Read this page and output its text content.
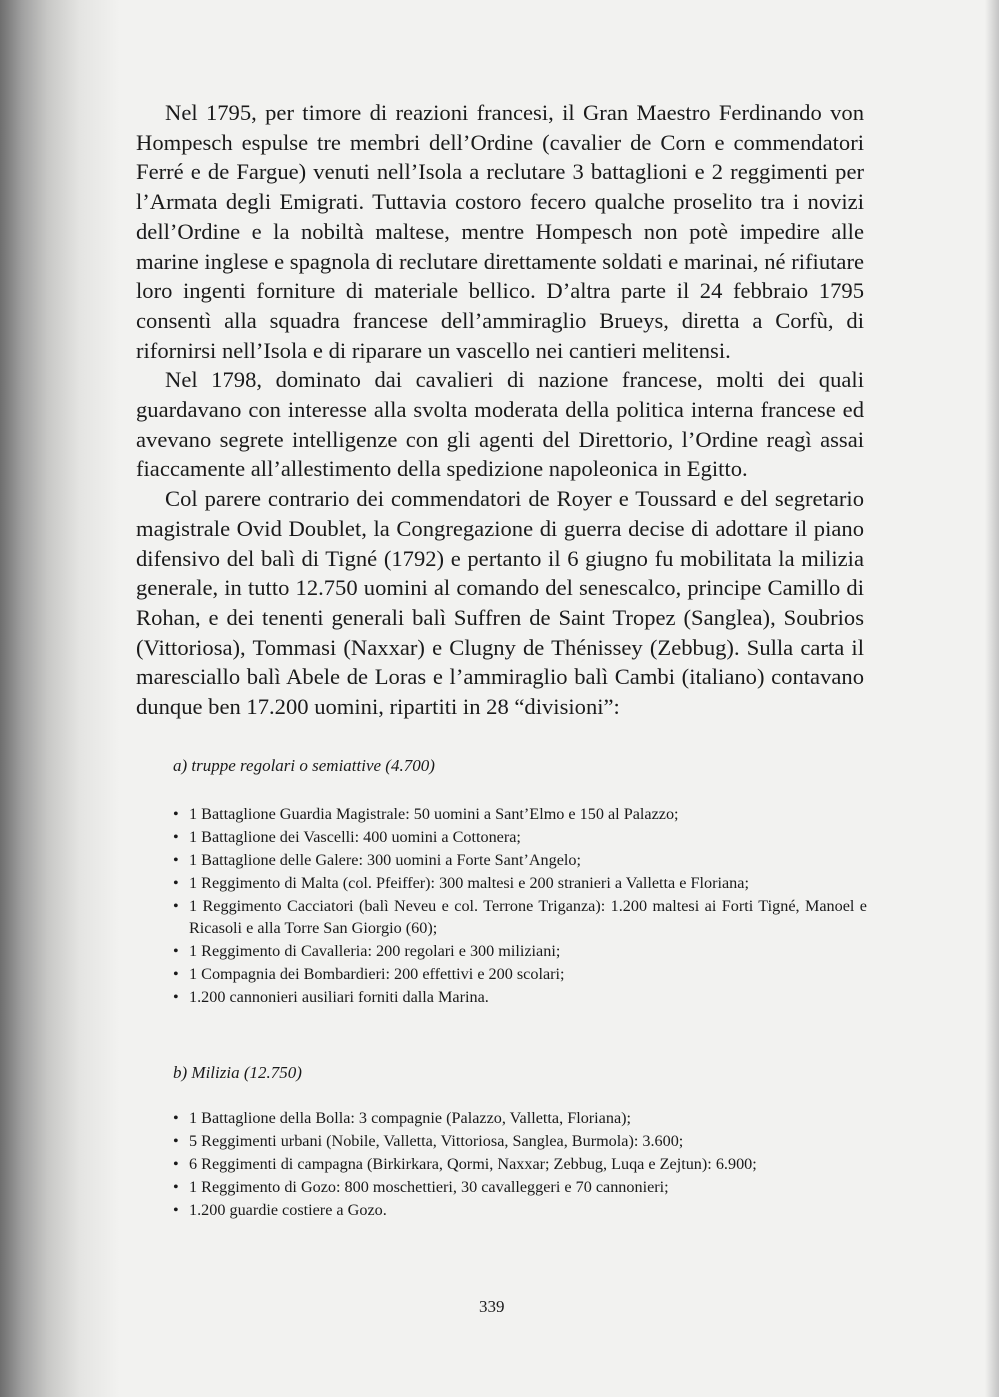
Nel 1795, per timore di reazioni francesi, il Gran Maestro Ferdinando von Hompesch espulse tre membri dell’Ordine (cavalier de Corn e commendatori Ferré e de Fargue) venuti nell’Isola a reclutare 3 battaglioni e 2 reggimenti per l’Armata degli Emigrati. Tuttavia costoro fecero qualche proselito tra i novizi dell’Ordine e la nobiltà maltese, mentre Hompesch non potè impedire alle marine inglese e spagnola di reclutare direttamente soldati e marinai, né rifiutare loro ingenti forniture di materiale bellico. D’altra parte il 24 febbraio 1795 consentì alla squadra francese dell’ammiraglio Brueys, diretta a Corfù, di rifornirsi nell’Isola e di riparare un vascello nei cantieri melitensi.

Nel 1798, dominato dai cavalieri di nazione francese, molti dei quali guardavano con interesse alla svolta moderata della politica interna francese ed avevano segrete intelligenze con gli agenti del Direttorio, l’Ordine reagì assai fiaccamente all’allestimento della spedizione napoleonica in Egitto.

Col parere contrario dei commendatori de Royer e Toussard e del segretario magistrale Ovid Doublet, la Congregazione di guerra decise di adottare il piano difensivo del balì di Tigné (1792) e pertanto il 6 giugno fu mobilitata la milizia generale, in tutto 12.750 uomini al comando del senescalco, principe Camillo di Rohan, e dei tenenti generali balì Suffren de Saint Tropez (Sanglea), Soubrios (Vittoriosa), Tommasi (Naxxar) e Clugny de Thénissey (Zebbug). Sulla carta il maresciallo balì Abele de Loras e l’ammiraglio balì Cambi (italiano) contavano dunque ben 17.200 uomini, ripartiti in 28 “divisioni”:

a) truppe regolari o semiattive (4.700)
• 1 Battaglione Guardia Magistrale: 50 uomini a Sant’Elmo e 150 al Palazzo;
• 1 Battaglione dei Vascelli: 400 uomini a Cottonera;
• 1 Battaglione delle Galere: 300 uomini a Forte Sant’Angelo;
• 1 Reggimento di Malta (col. Pfeiffer): 300 maltesi e 200 stranieri a Valletta e Floriana;
• 1 Reggimento Cacciatori (balì Neveu e col. Terrone Triganza): 1.200 maltesi ai Forti Tigné, Manoel e Ricasoli e alla Torre San Giorgio (60);
• 1 Reggimento di Cavalleria: 200 regolari e 300 miliziani;
• 1 Compagnia dei Bombardieri: 200 effettivi e 200 scolari;
• 1.200 cannonieri ausiliari forniti dalla Marina.
b) Milizia (12.750)
• 1 Battaglione della Bolla: 3 compagnie (Palazzo, Valletta, Floriana);
• 5 Reggimenti urbani (Nobile, Valletta, Vittoriosa, Sanglea, Burmola): 3.600;
• 6 Reggimenti di campagna (Birkirkara, Qormi, Naxxar; Zebbug, Luqa e Zejtun): 6.900;
• 1 Reggimento di Gozo: 800 moschettieri, 30 cavalleggeri e 70 cannonieri;
• 1.200 guardie costiere a Gozo.
339
